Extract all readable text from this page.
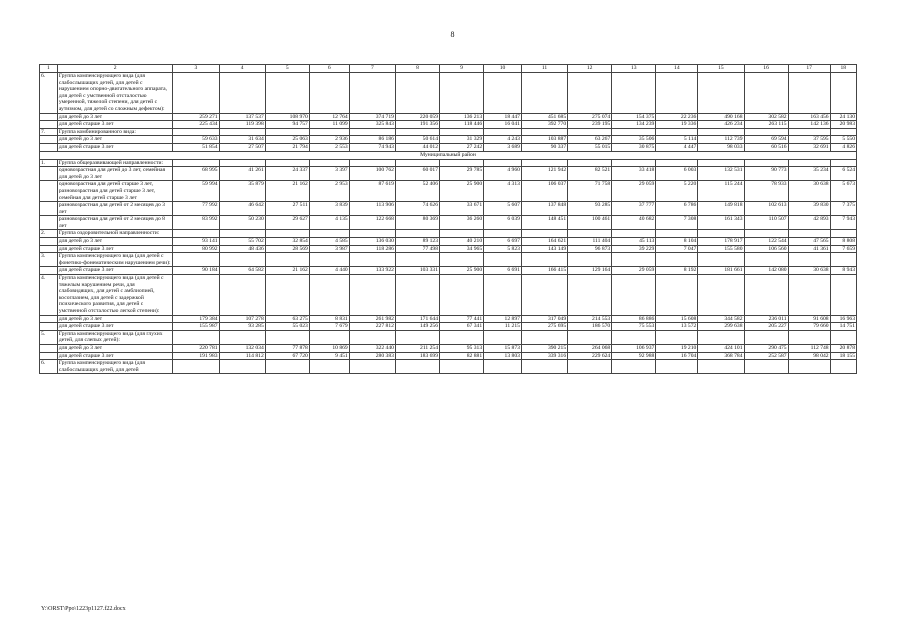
8
1	2	3	4	5	6	7	8	9	10	11	12	13	14	15	16	17	18
6.	Группа компенсирующего вида (для слабослышащих детей, для детей с нарушением опорно-двигательного аппарата, для детей с умственной отсталостью умеренной, тяжелой степени, для детей с аутизмом, для детей со сложным дефектом):																
	для детей до 3 лет	259 271	137 537	108 970	12 764	374 719	220 059	136 213	18 447	451 685	275 074	154 375	22 236	490 168	302 582	163 456	24 130
	для детей старше 3 лет	225 434	119 398	94 757	11 099	325 843	191 356	118 446	16 041	392 770	239 195	134 239	19 336	426 234	263 115	142 136	20 983
7.	Группа комбинированного вида:																
	для детей до 3 лет	59 633	31 634	25 063	2 936	86 186	50 614	31 329	4 243	103 887	63 267	35 506	5 114	112 739	69 594	37 595	5 550
	для детей старше 3 лет	51 854	27 507	21 794	2 553	74 943	44 012	27 242	3 689	90 337	55 015	30 875	4 447	98 033	60 516	32 691	4 826
Муниципальный район																	
1.	Группа общеразвивающей направленности:																
	одновозрастная для детей до 3 лет, семейная для детей до 3 лет	68 995	41 261	24 337	3 397	100 762	60 017	29 785	4 960	121 942	82 521	33 418	6 003	132 531	90 773	35 234	6 524
	одновозрастная для детей старше 3 лет, разновозрастная для детей старше 3 лет, семейная для детей старше 3 лет	59 994	35 879	21 162	2 953	87 619	52 406	25 900	4 313	106 037	71 758	29 059	5 220	115 244	78 933	30 638	5 673
	разновозрастная для детей от 2 месяцев до 3 лет	77 992	46 642	27 511	3 839	113 906	74 626	33 671	5 607	137 848	93 285	37 777	6 786	149 818	102 613	39 830	7 375
	разновозрастная для детей от 2 месяцев до 8 лет	83 992	50 230	29 627	4 135	122 668	80 369	36 260	6 039	148 451	100 461	40 682	7 308	161 343	110 507	42 893	7 943
2.	Группа оздоровительной направленности:																
	для детей до 3 лет	93 141	55 702	32 854	4 585	136 030	89 123	40 210	6 697	164 621	111 404	45 113	8 104	178 917	122 544	47 565	8 808
	для детей старше 3 лет	80 992	48 436	28 569	3 987	118 286	77 498	34 965	5 823	143 149	96 873	39 229	7 047	155 580	106 560	41 361	7 659
3.	Группа компенсирующего вида (для детей с фонетико-фонематическим нарушением речи):																
	для детей старше 3 лет	90 184	64 582	21 162	4 440	133 922	103 331	25 900	6 691	166 415	129 164	29 059	8 192	181 661	142 080	30 638	8 943
4.	Группа компенсирующего вида (для детей с тяжелым нарушением речи, для слабовидящих, для детей с амблиопией, косоглазием, для детей с задержкой психического развития, для детей с умственной отсталостью легкой степени):																
	для детей до 3 лет	179 384	107 278	63 275	8 831	261 982	171 644	77 441	12 897	317 049	214 553	86 886	15 608	344 582	236 011	91 608	16 963
	для детей старше 3 лет	155 987	93 285	55 023	7 679	227 812	149 256	67 341	11 215	275 695	186 570	75 553	13 572	299 638	205 227	79 660	14 751
5.	Группа компенсирующего вида (для глухих детей, для слепых детей):																
	для детей до 3 лет	220 781	132 034	77 878	10 869	322 440	211 254	95 313	15 873	390 215	264 068	106 937	19 210	424 101	290 475	112 748	20 878
	для детей старше 3 лет	191 983	114 812	67 720	9 451	280 383	183 699	82 881	13 803	339 316	229 624	92 988	16 704	368 784	252 587	98 042	18 155
6.	Группа компенсирующего вида (для слабослышащих детей, для детей																
Y:\ORST\Ppo\1223p1127.f22.docx
